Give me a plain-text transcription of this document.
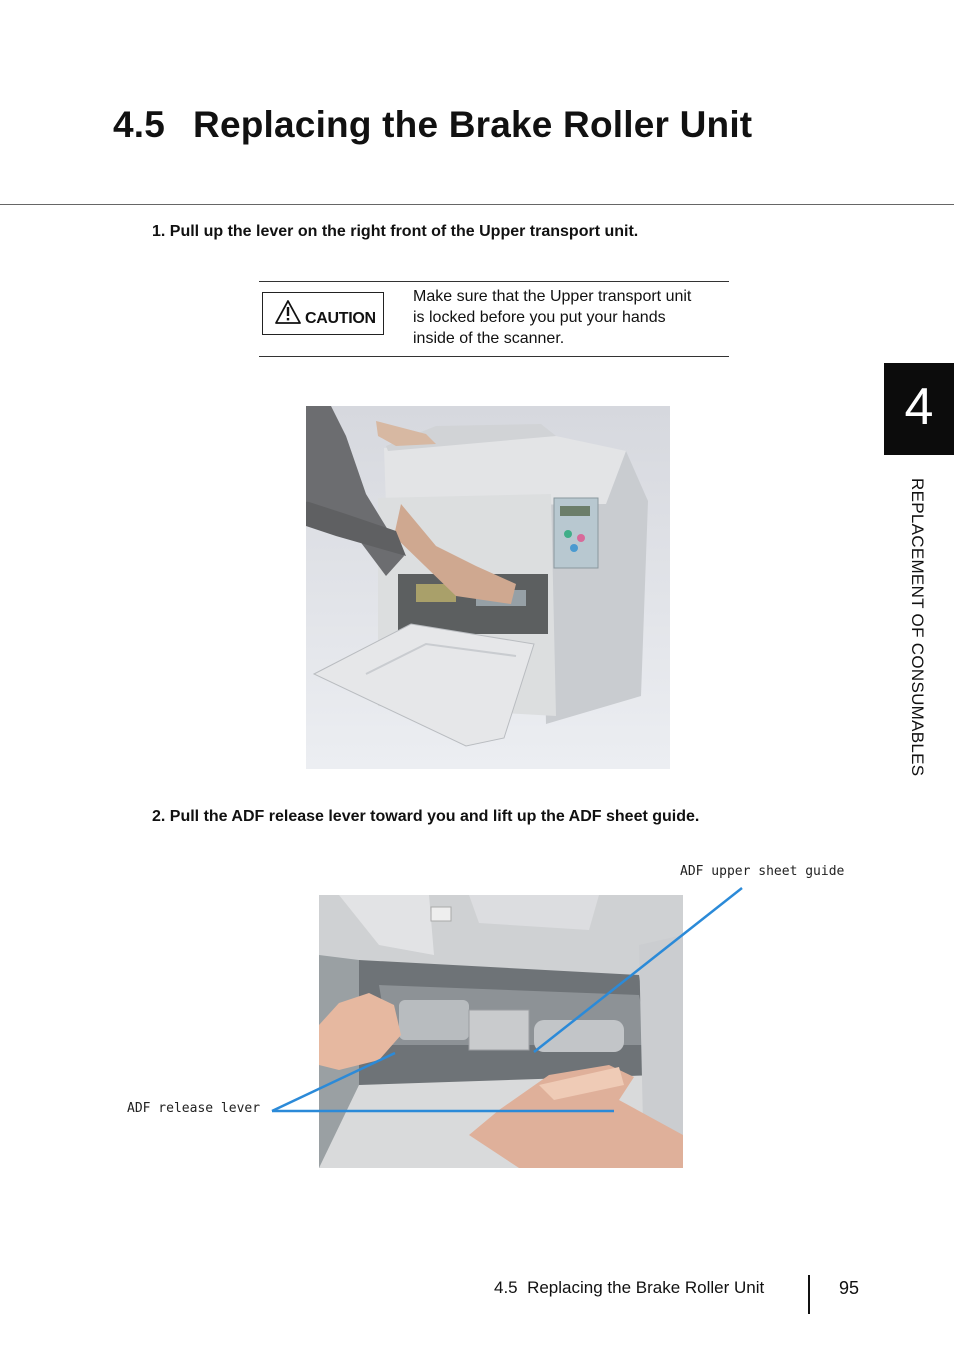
4.5 Replacing the Brake Roller Unit
1. Pull up the lever on the right front of the Upper transport unit.
CAUTION
Make sure that the Upper transport unit
is locked before you put your hands
inside of the scanner.
2. Pull the ADF release lever toward you and lift up the ADF sheet guide.
ADF upper sheet guide
ADF release lever
4
REPLACEMENT OF CONSUMABLES
4.5  Replacing the Brake Roller Unit	95
